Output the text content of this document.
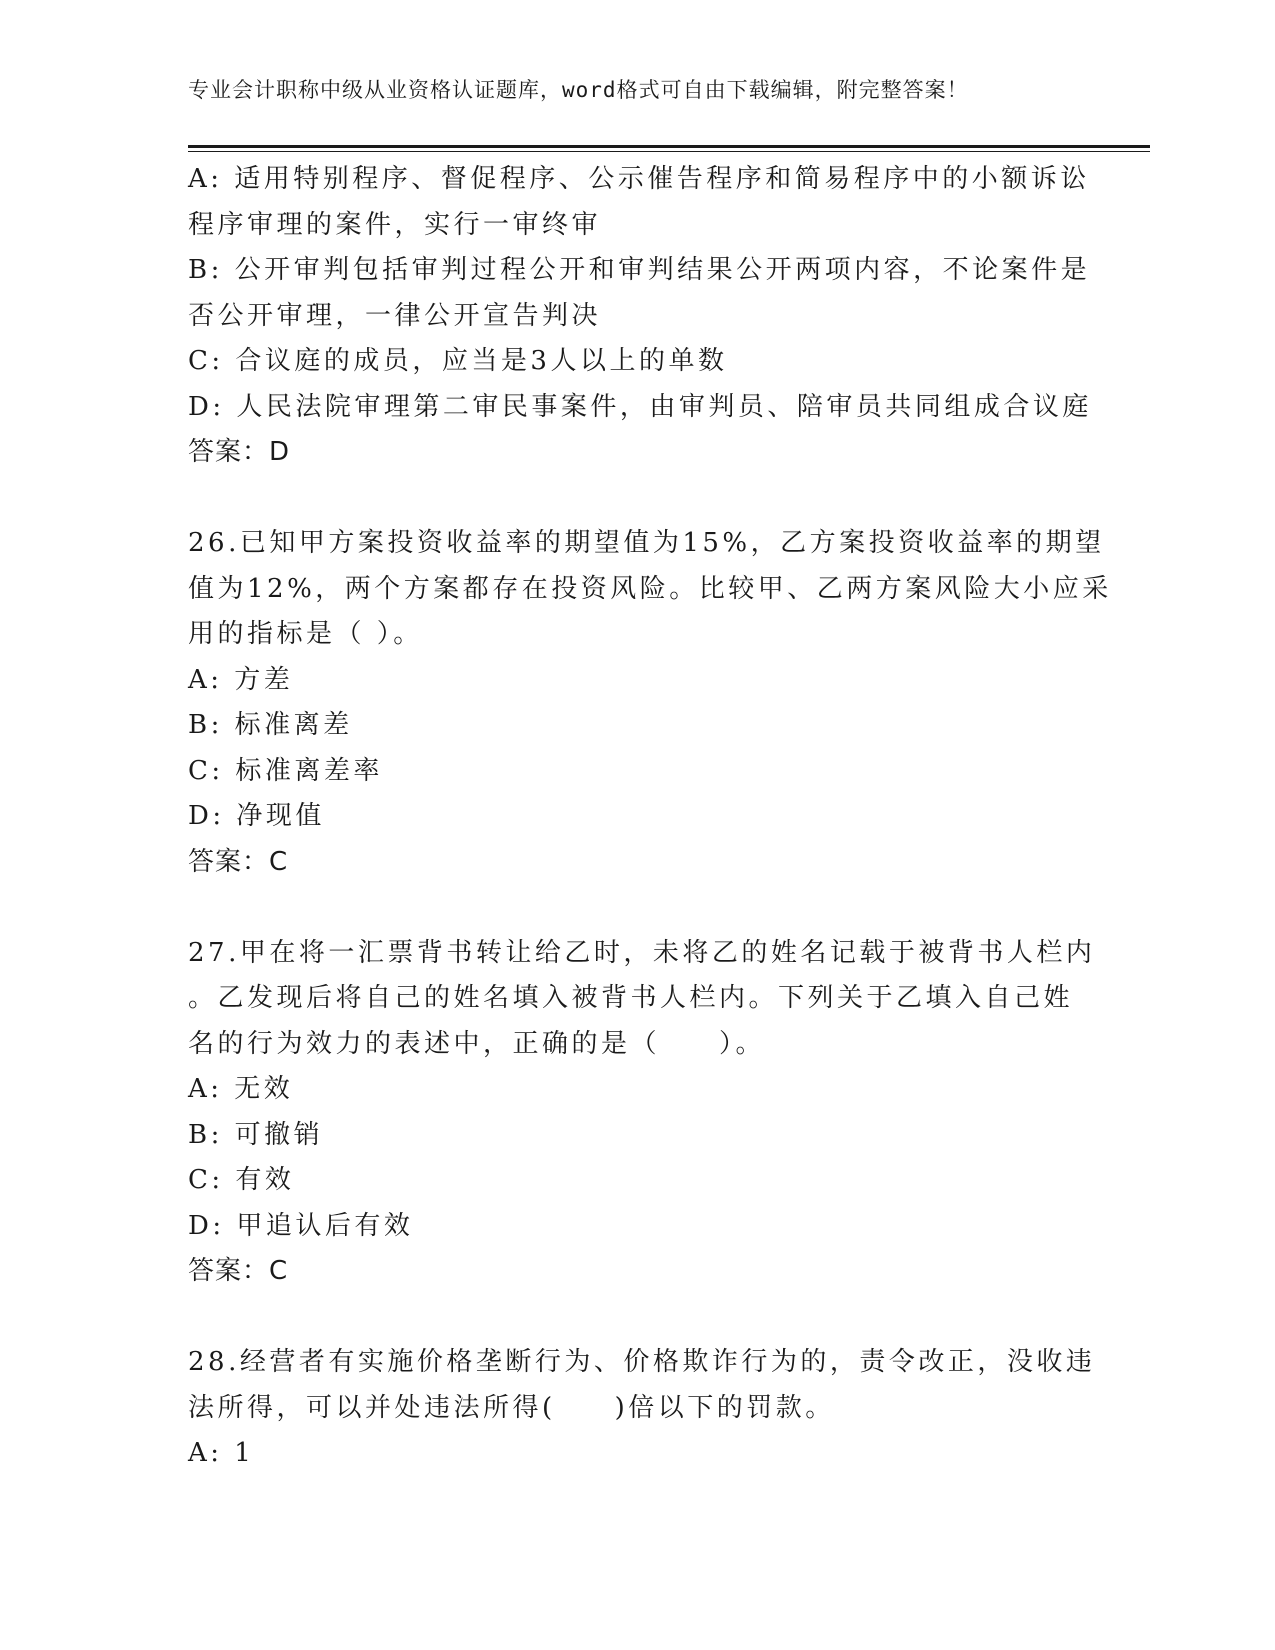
专业会计职称中级从业资格认证题库，word格式可自由下载编辑，附完整答案！
A: 适用特别程序、督促程序、公示催告程序和简易程序中的小额诉讼
程序审理的案件，实行一审终审
B: 公开审判包括审判过程公开和审判结果公开两项内容，不论案件是
否公开审理，一律公开宣告判决
C: 合议庭的成员，应当是3人以上的单数
D: 人民法院审理第二审民事案件，由审判员、陪审员共同组成合议庭
答案：D
26.已知甲方案投资收益率的期望值为15%，乙方案投资收益率的期望
值为12%，两个方案都存在投资风险。比较甲、乙两方案风险大小应采
用的指标是（ ）。
A: 方差
B: 标准离差
C: 标准离差率
D: 净现值
答案：C
27.甲在将一汇票背书转让给乙时，未将乙的姓名记载于被背书人栏内
。乙发现后将自己的姓名填入被背书人栏内。下列关于乙填入自己姓
名的行为效力的表述中，正确的是（　　）。
A: 无效
B: 可撤销
C: 有效
D: 甲追认后有效
答案：C
28.经营者有实施价格垄断行为、价格欺诈行为的，责令改正，没收违
法所得，可以并处违法所得(　　)倍以下的罚款。
A: 1
